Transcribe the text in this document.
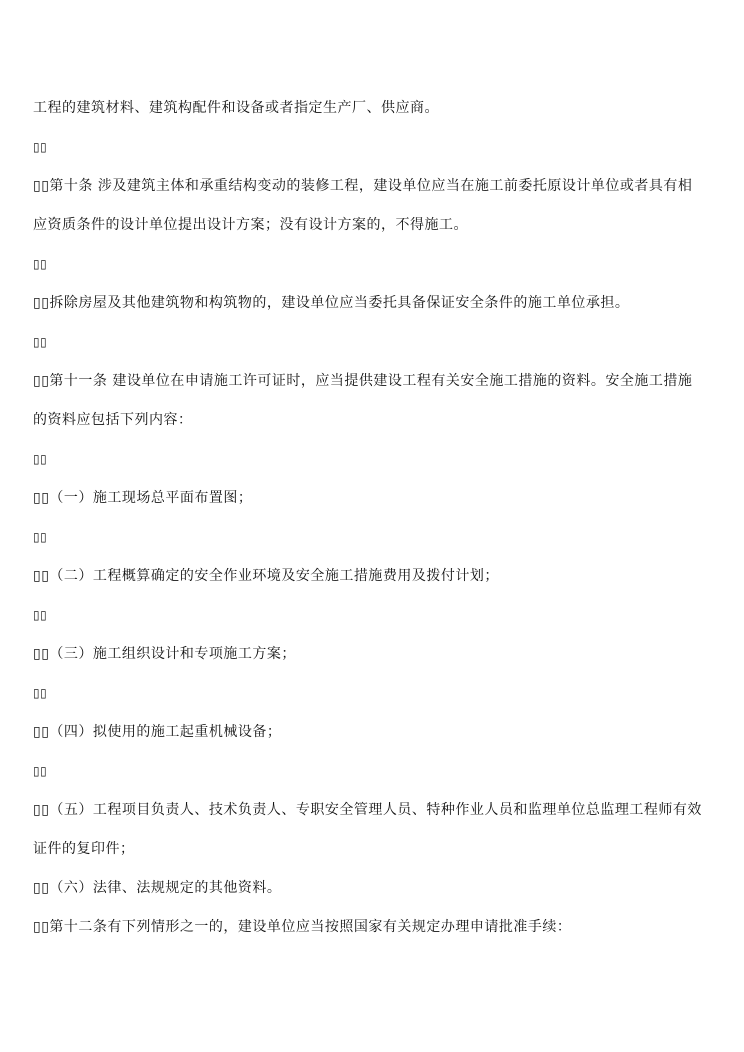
工程的建筑材料、建筑构配件和设备或者指定生产厂、供应商。
▯▯
▯▯第十条 涉及建筑主体和承重结构变动的装修工程，建设单位应当在施工前委托原设计单位或者具有相
应资质条件的设计单位提出设计方案；没有设计方案的，不得施工。
▯▯
▯▯拆除房屋及其他建筑物和构筑物的，建设单位应当委托具备保证安全条件的施工单位承担。
▯▯
▯▯第十一条 建设单位在申请施工许可证时，应当提供建设工程有关安全施工措施的资料。安全施工措施
的资料应包括下列内容：
▯▯
▯▯（一）施工现场总平面布置图；
▯▯
▯▯（二）工程概算确定的安全作业环境及安全施工措施费用及拨付计划；
▯▯
▯▯（三）施工组织设计和专项施工方案；
▯▯
▯▯（四）拟使用的施工起重机械设备；
▯▯
▯▯（五）工程项目负责人、技术负责人、专职安全管理人员、特种作业人员和监理单位总监理工程师有效
证件的复印件；
▯▯（六）法律、法规规定的其他资料。
▯▯第十二条有下列情形之一的，建设单位应当按照国家有关规定办理申请批准手续：
